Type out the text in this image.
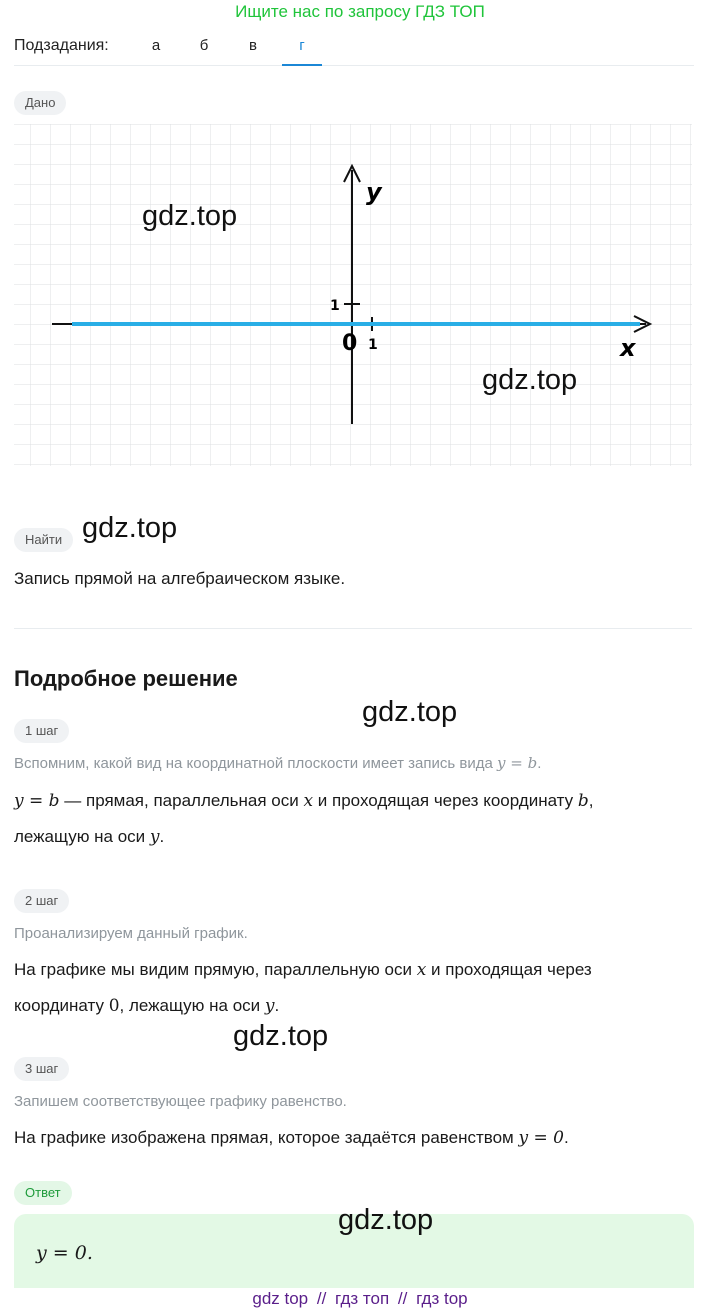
Ищите нас по запросу ГДЗ ТОП
Подзадания:	а	б	в	г
Дано
y
x
0 1
1
gdz.top
gdz.top
Найти gdz.top
Запись прямой на алгебраическом языке.
Подробное решение
gdz.top
1 шаг
Вспомним, какой вид на координатной плоскости имеет запись вида y = b.
y = b — прямая, параллельная оси x и проходящая через координату b,
лежащую на оси y.
2 шаг
Проанализируем данный график.
На графике мы видим прямую, параллельную оси x и проходящая через
координату 0, лежащую на оси y.
gdz.top
3 шаг
Запишем соответствующее графику равенство.
На графике изображена прямая, которое задаётся равенством y = 0.
Ответ
y = 0.
gdz.top
gdz top // гдз топ // гдз top
